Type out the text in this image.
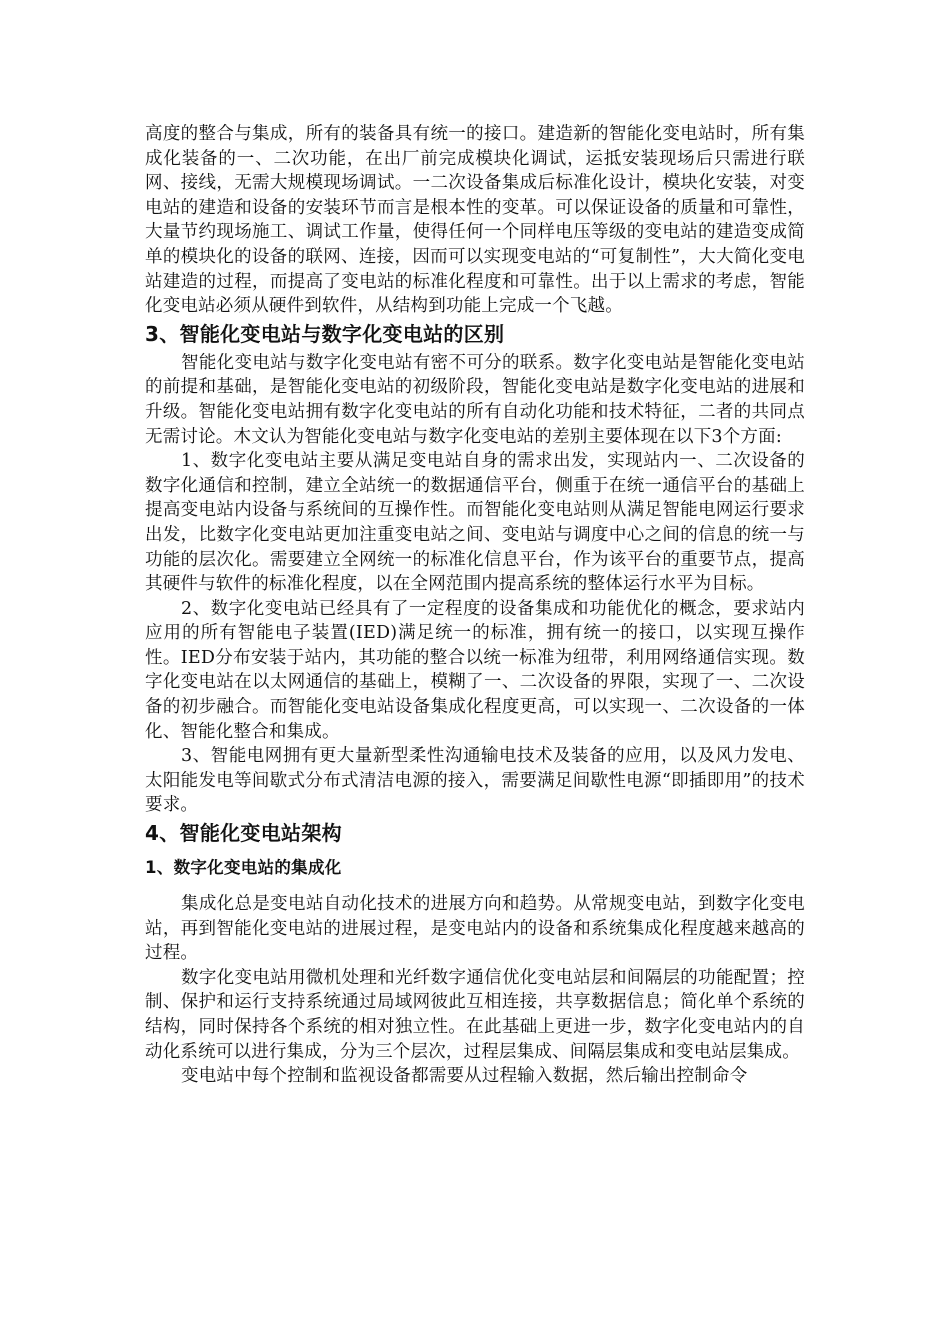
高度的整合与集成，所有的装备具有统一的接口。建造新的智能化变电站时，所有集成化装备的一、二次功能，在出厂前完成模块化调试，运抵安装现场后只需进行联网、接线，无需大规模现场调试。一二次设备集成后标准化设计，模块化安装，对变电站的建造和设备的安装环节而言是根本性的变革。可以保证设备的质量和可靠性，大量节约现场施工、调试工作量，使得任何一个同样电压等级的变电站的建造变成简单的模块化的设备的联网、连接，因而可以实现变电站的“可复制性”，大大简化变电站建造的过程，而提高了变电站的标准化程度和可靠性。出于以上需求的考虑，智能化变电站必须从硬件到软件，从结构到功能上完成一个飞越。

3、智能化变电站与数字化变电站的区别

智能化变电站与数字化变电站有密不可分的联系。数字化变电站是智能化变电站的前提和基础，是智能化变电站的初级阶段，智能化变电站是数字化变电站的进展和升级。智能化变电站拥有数字化变电站的所有自动化功能和技术特征，二者的共同点无需讨论。木文认为智能化变电站与数字化变电站的差别主要体现在以下3个方面:

1、数字化变电站主要从满足变电站自身的需求出发，实现站内一、二次设备的数字化通信和控制，建立全站统一的数据通信平台，侧重于在统一通信平台的基础上提高变电站内设备与系统间的互操作性。而智能化变电站则从满足智能电网运行要求出发，比数字化变电站更加注重变电站之间、变电站与调度中心之间的信息的统一与功能的层次化。需要建立全网统一的标准化信息平台，作为该平台的重要节点，提高其硬件与软件的标准化程度，以在全网范围内提高系统的整体运行水平为目标。

2、数字化变电站已经具有了一定程度的设备集成和功能优化的概念，要求站内应用的所有智能电子装置(IED)满足统一的标准，拥有统一的接口，以实现互操作性。IED分布安装于站内，其功能的整合以统一标准为纽带，利用网络通信实现。数字化变电站在以太网通信的基础上，模糊了一、二次设备的界限，实现了一、二次设备的初步融合。而智能化变电站设备集成化程度更高，可以实现一、二次设备的一体化、智能化整合和集成。

3、智能电网拥有更大量新型柔性沟通输电技术及装备的应用，以及风力发电、太阳能发电等间歇式分布式清洁电源的接入，需要满足间歇性电源“即插即用”的技术要求。

4、智能化变电站架构
1、数字化变电站的集成化

集成化总是变电站自动化技术的进展方向和趋势。从常规变电站，到数字化变电站，再到智能化变电站的进展过程，是变电站内的设备和系统集成化程度越来越高的过程。

数字化变电站用微机处理和光纤数字通信优化变电站层和间隔层的功能配置；控制、保护和运行支持系统通过局域网彼此互相连接，共享数据信息；简化单个系统的结构，同时保持各个系统的相对独立性。在此基础上更进一步，数字化变电站内的自动化系统可以进行集成，分为三个层次，过程层集成、间隔层集成和变电站层集成。

变电站中每个控制和监视设备都需要从过程输入数据，然后输出控制命令
